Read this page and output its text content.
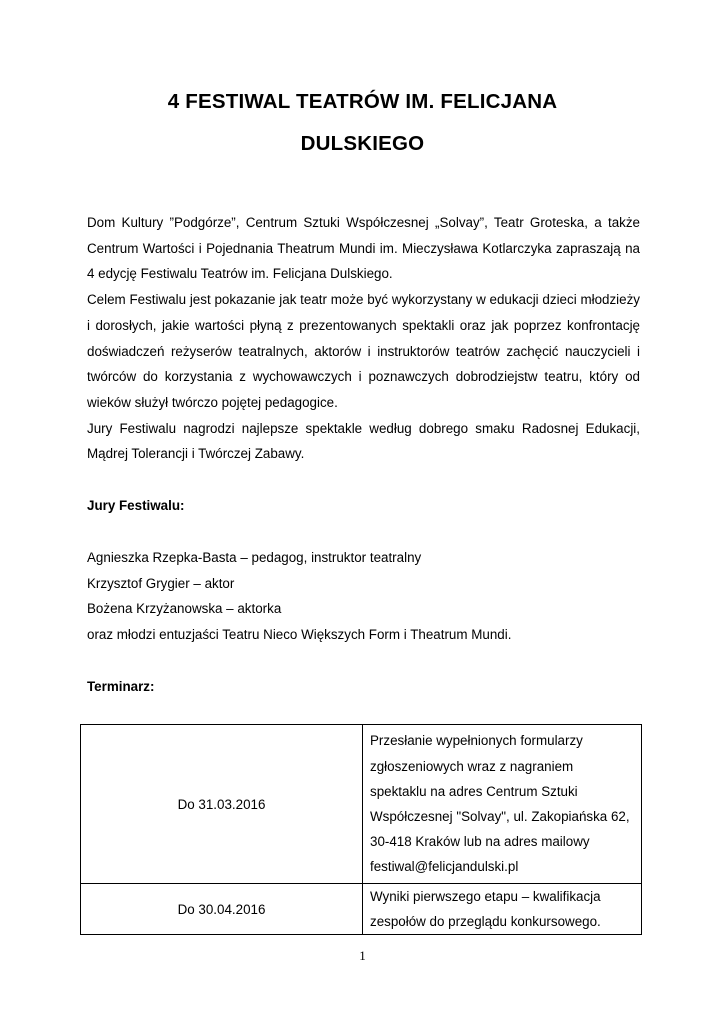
4 FESTIWAL TEATRÓW IM. FELICJANA
DULSKIEGO

Dom Kultury ”Podgórze”, Centrum Sztuki Współczesnej „Solvay”, Teatr Groteska, a także Centrum Wartości i Pojednania Theatrum Mundi im. Mieczysława Kotlarczyka zapraszają na 4 edycję Festiwalu Teatrów im. Felicjana Dulskiego.

Celem Festiwalu jest pokazanie jak teatr może być wykorzystany w edukacji dzieci młodzieży i dorosłych, jakie wartości płyną z prezentowanych spektakli oraz jak poprzez konfrontację doświadczeń reżyserów teatralnych, aktorów i instruktorów teatrów zachęcić nauczycieli i twórców do korzystania z wychowawczych i poznawczych dobrodziejstw teatru, który od wieków służył twórczo pojętej pedagogice.

Jury Festiwalu nagrodzi najlepsze spektakle według dobrego smaku Radosnej Edukacji, Mądrej Tolerancji i Twórczej Zabawy.

Jury Festiwalu:

Agnieszka Rzepka-Basta – pedagog, instruktor teatralny
Krzysztof Grygier – aktor
Bożena Krzyżanowska – aktorka
oraz młodzi entuzjaści Teatru Nieco Większych Form i Theatrum Mundi.

Terminarz:

Do 31.03.2016	Przesłanie wypełnionych formularzy zgłoszeniowych wraz z nagraniem spektaklu na adres Centrum Sztuki Współczesnej "Solvay", ul. Zakopiańska 62, 30-418 Kraków lub na adres mailowy festiwal@felicjandulski.pl
Do 30.04.2016	Wyniki pierwszego etapu – kwalifikacja zespołów do przeglądu konkursowego.
1
